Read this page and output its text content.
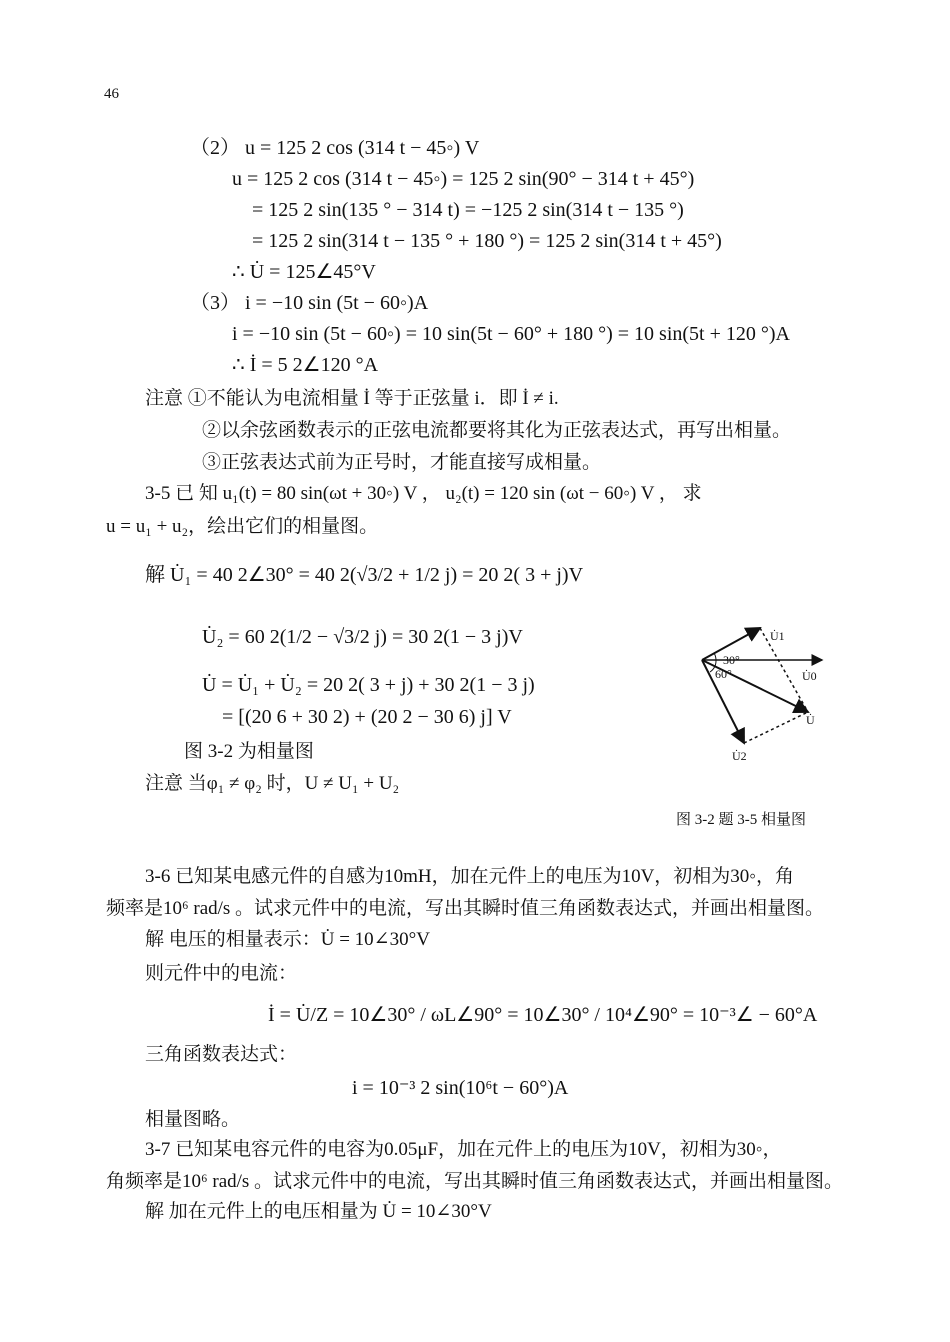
46
（2） u = 125 2 cos (314 t − 45◦) V
u = 125 2 cos (314 t − 45◦) = 125 2 sin(90° − 314 t + 45°)
= 125 2 sin(135 ° − 314 t) = −125 2 sin(314 t − 135 °)
= 125 2 sin(314 t − 135 ° + 180 °) = 125 2 sin(314 t + 45°)
∴ U̇ = 125∠45°V
（3） i = −10 sin (5t − 60◦)A
i = −10 sin (5t − 60◦) = 10 sin(5t − 60° + 180 °) = 10 sin(5t + 120 °)A
∴ İ = 5 2∠120 °A
注意 ①不能认为电流相量 İ 等于正弦量 i．即 İ ≠ i.
②以余弦函数表示的正弦电流都要将其化为正弦表达式，再写出相量。
③正弦表达式前为正号时，才能直接写成相量。
3-5 已 知 u₁(t) = 80 sin(ωt + 30◦) V ， u₂(t) = 120 sin (ωt − 60◦) V ， 求
u = u₁ + u₂，绘出它们的相量图。
解 U̇₁ = 40 2∠30° = 40 2(√3/2 + 1/2 j) = 20 2( 3 + j)V
U̇₂ = 60 2(1/2 − √3/2 j) = 30 2(1 − 3 j)V
U̇ = U̇₁ + U̇₂ = 20 2( 3 + j) + 30 2(1 − 3 j)
= [(20 6 + 30 2) + (20 2 − 30 6) j] V
图 3-2 为相量图
注意 当φ₁ ≠ φ₂ 时，U ≠ U₁ + U₂
U̇1
U̇0
U̇
U̇2
30°
60°
图 3-2 题 3-5 相量图
3-6 已知某电感元件的自感为10mH，加在元件上的电压为10V，初相为30◦，角
频率是10⁶ rad/s 。试求元件中的电流，写出其瞬时值三角函数表达式，并画出相量图。
解 电压的相量表示：U̇ = 10∠30°V
则元件中的电流：
İ = U̇/Z = 10∠30° / ωL∠90° = 10∠30° / 10⁴∠90° = 10⁻³∠ − 60°A
三角函数表达式：
i = 10⁻³ 2 sin(10⁶t − 60°)A
相量图略。
3-7 已知某电容元件的电容为0.05μF，加在元件上的电压为10V，初相为30◦，
角频率是10⁶ rad/s 。试求元件中的电流，写出其瞬时值三角函数表达式，并画出相量图。
解 加在元件上的电压相量为 U̇ = 10∠30°V
